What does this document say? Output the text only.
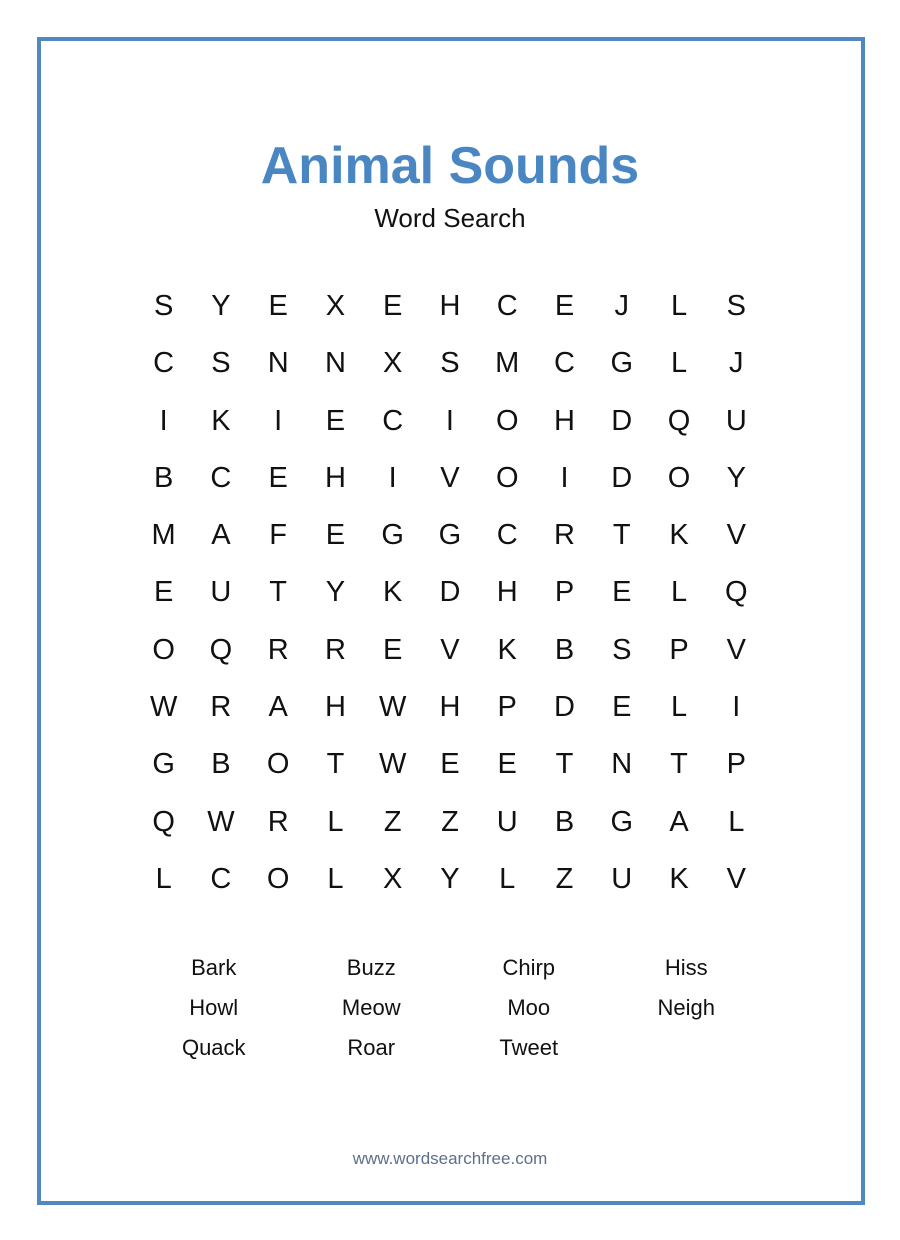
Animal Sounds
Word Search
S	Y	E	X	E	H	C	E	J	L	S
C	S	N	N	X	S	M	C	G	L	J
I	K	I	E	C	I	O	H	D	Q	U
B	C	E	H	I	V	O	I	D	O	Y
M	A	F	E	G	G	C	R	T	K	V
E	U	T	Y	K	D	H	P	E	L	Q
O	Q	R	R	E	V	K	B	S	P	V
W	R	A	H	W	H	P	D	E	L	I
G	B	O	T	W	E	E	T	N	T	P
Q	W	R	L	Z	Z	U	B	G	A	L
L	C	O	L	X	Y	L	Z	U	K	V
Bark	Buzz	Chirp	Hiss
Howl	Meow	Moo	Neigh
Quack	Roar	Tweet
www.wordsearchfree.com
